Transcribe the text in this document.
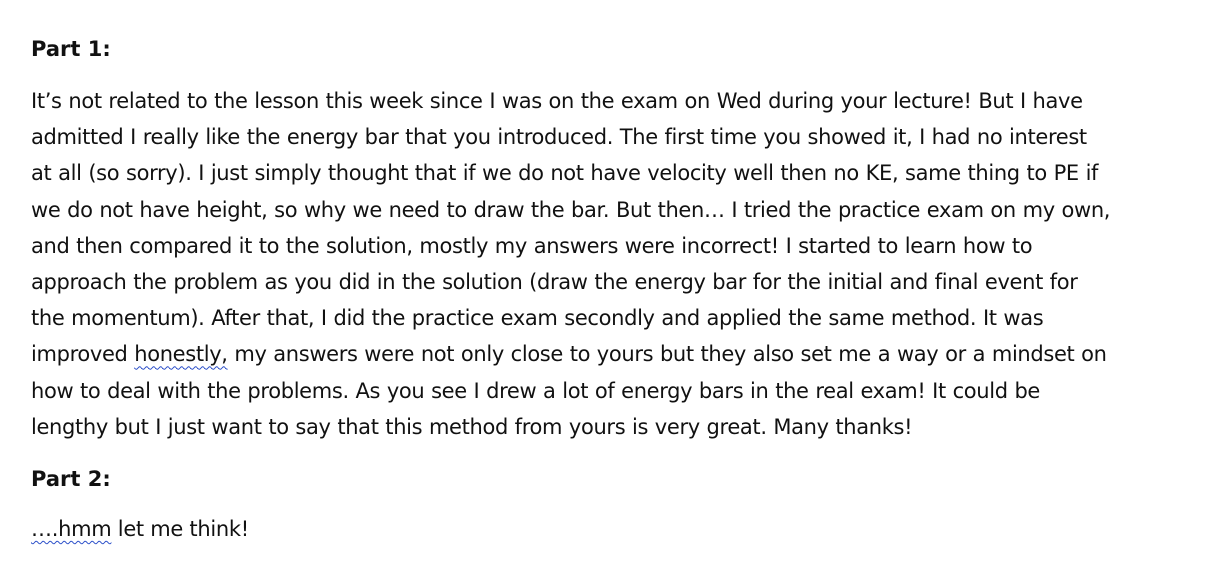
Part 1:

It’s not related to the lesson this week since I was on the exam on Wed during your lecture! But I have
admitted I really like the energy bar that you introduced. The first time you showed it, I had no interest
at all (so sorry). I just simply thought that if we do not have velocity well then no KE, same thing to PE if
we do not have height, so why we need to draw the bar. But then… I tried the practice exam on my own,
and then compared it to the solution, mostly my answers were incorrect! I started to learn how to
approach the problem as you did in the solution (draw the energy bar for the initial and final event for
the momentum). After that, I did the practice exam secondly and applied the same method. It was
improved honestly, my answers were not only close to yours but they also set me a way or a mindset on
how to deal with the problems. As you see I drew a lot of energy bars in the real exam! It could be
lengthy but I just want to say that this method from yours is very great. Many thanks!

Part 2:

….hmm let me think!
